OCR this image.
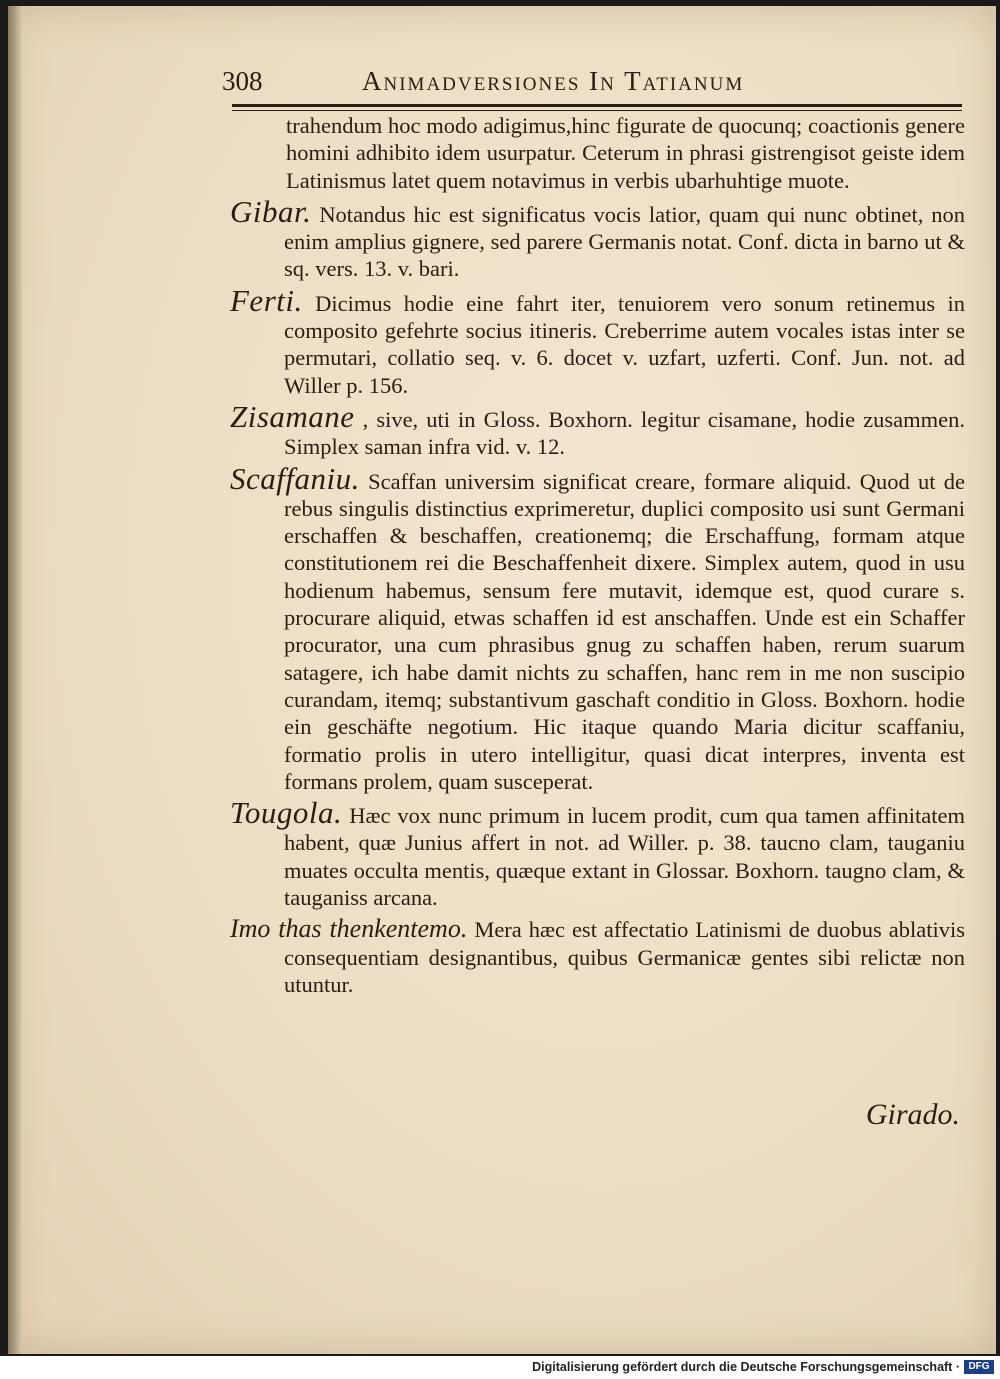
308	Animadversiones In Tatianum

trahendum hoc modo adigimus,hinc figurate de quocunq; coactionis genere homini adhibito idem usurpatur. Ceterum in phrasi gistrengisot geiste idem Latinismus latet quem notavimus in verbis ubarhuhtige muote.

Gibar. Notandus hic est significatus vocis latior, quam qui nunc obtinet, non enim amplius gignere, sed parere Germanis notat. Conf. dicta in barno ut & sq. vers. 13. v. bari.

Ferti. Dicimus hodie eine fahrt iter, tenuiorem vero sonum retinemus in composito gefehrte socius itineris. Creberrime autem vocales istas inter se permutari, collatio seq. v. 6. docet v. uzfart, uzferti. Conf. Jun. not. ad Willer p. 156.

Zisamane , sive, uti in Gloss. Boxhorn. legitur cisamane, hodie zusammen. Simplex saman infra vid. v. 12.

Scaffaniu. Scaffan universim significat creare, formare aliquid. Quod ut de rebus singulis distinctius exprimeretur, duplici composito usi sunt Germani erschaffen & beschaffen, creationemq; die Erschaffung, formam atque constitutionem rei die Beschaffenheit dixere. Simplex autem, quod in usu hodienum habemus, sensum fere mutavit, idemque est, quod curare s. procurare aliquid, etwas schaffen id est anschaffen. Unde est ein Schaffer procurator, una cum phrasibus gnug zu schaffen haben, rerum suarum satagere, ich habe damit nichts zu schaffen, hanc rem in me non suscipio curandam, itemq; substantivum gaschaft conditio in Gloss. Boxhorn. hodie ein geschäfte negotium. Hic itaque quando Maria dicitur scaffaniu, formatio prolis in utero intelligitur, quasi dicat interpres, inventa est formans prolem, quam susceperat.

Tougola. Hæc vox nunc primum in lucem prodit, cum qua tamen affinitatem habent, quæ Junius affert in not. ad Willer. p. 38. taucno clam, tauganiu muates occulta mentis, quæque extant in Glossar. Boxhorn. taugno clam, & tauganiss arcana.

Imo thas thenkentemo. Mera hæc est affectatio Latinismi de duobus ablativis consequentiam designantibus, quibus Germanicæ gentes sibi relictæ non utuntur.

Girado.
Digitalisierung gefördert durch die Deutsche Forschungsgemeinschaft · DFG
